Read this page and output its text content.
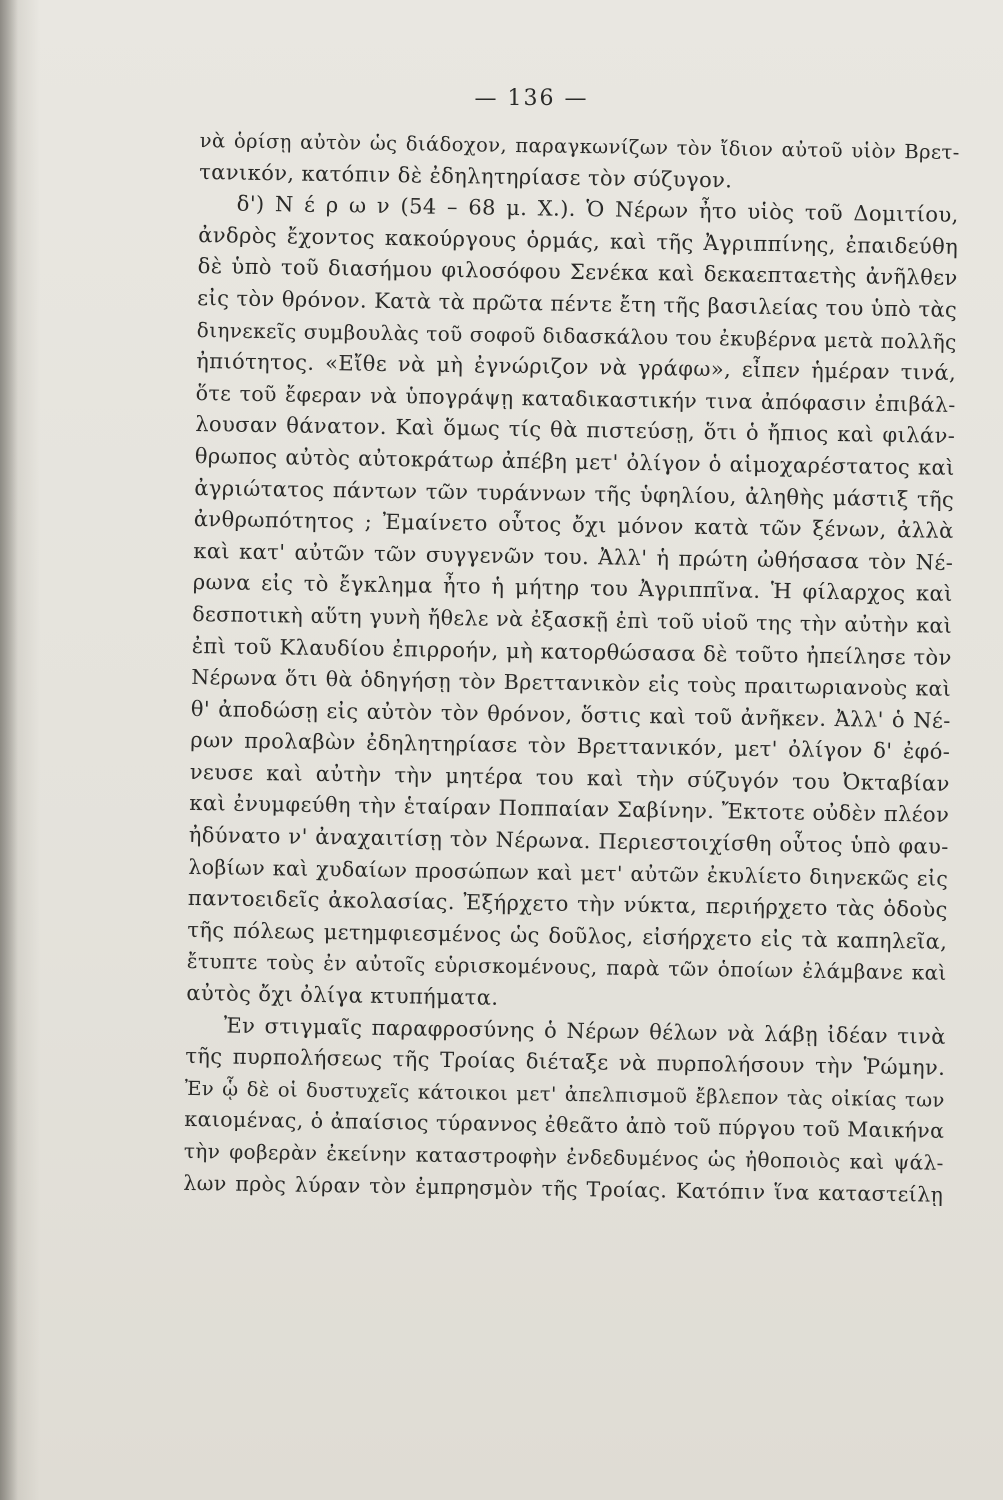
— 136 —
νὰ ὁρίσῃ αὐτὸν ὡς διάδοχον, παραγκωνίζων τὸν ἴδιον αὐτοῦ υἱὸν Βρετ-
τανικόν, κατόπιν δὲ ἐδηλητηρίασε τὸν σύζυγον.
δ') Ν έ ρ ω ν (54 – 68 μ. Χ.). Ὁ Νέρων ἦτο υἱὸς τοῦ Δομιτίου,
ἀνδρὸς ἔχοντος κακούργους ὁρμάς, καὶ τῆς Ἀγριππίνης, ἐπαιδεύθη
δὲ ὑπὸ τοῦ διασήμου φιλοσόφου Σενέκα καὶ δεκαεπταετὴς ἀνῆλθεν
εἰς τὸν θρόνον. Κατὰ τὰ πρῶτα πέντε ἔτη τῆς βασιλείας του ὑπὸ τὰς
διηνεκεῖς συμβουλὰς τοῦ σοφοῦ διδασκάλου του ἐκυβέρνα μετὰ πολλῆς
ἠπιότητος. «Εἴθε νὰ μὴ ἐγνώριζον νὰ γράφω», εἶπεν ἡμέραν τινά,
ὅτε τοῦ ἔφεραν νὰ ὑπογράψῃ καταδικαστικήν τινα ἀπόφασιν ἐπιβάλ-
λουσαν θάνατον. Καὶ ὅμως τίς θὰ πιστεύσῃ, ὅτι ὁ ἤπιος καὶ φιλάν-
θρωπος αὐτὸς αὐτοκράτωρ ἀπέβη μετ' ὀλίγον ὁ αἱμοχαρέστατος καὶ
ἀγριώτατος πάντων τῶν τυράννων τῆς ὑφηλίου, ἀληθὴς μάστιξ τῆς
ἀνθρωπότητος ; Ἐμαίνετο οὗτος ὄχι μόνον κατὰ τῶν ξένων, ἀλλὰ
καὶ κατ' αὐτῶν τῶν συγγενῶν του. Ἀλλ' ἡ πρώτη ὠθήσασα τὸν Νέ-
ρωνα εἰς τὸ ἔγκλημα ἦτο ἡ μήτηρ του Ἀγριππῖνα. Ἡ φίλαρχος καὶ
δεσποτικὴ αὕτη γυνὴ ἤθελε νὰ ἐξασκῇ ἐπὶ τοῦ υἱοῦ της τὴν αὐτὴν καὶ
ἐπὶ τοῦ Κλαυδίου ἐπιρροήν, μὴ κατορθώσασα δὲ τοῦτο ἠπείλησε τὸν
Νέρωνα ὅτι θὰ ὁδηγήσῃ τὸν Βρεττανικὸν εἰς τοὺς πραιτωριανοὺς καὶ
θ' ἀποδώσῃ εἰς αὐτὸν τὸν θρόνον, ὅστις καὶ τοῦ ἀνῆκεν. Ἀλλ' ὁ Νέ-
ρων προλαβὼν ἐδηλητηρίασε τὸν Βρεττανικόν, μετ' ὀλίγον δ' ἐφό-
νευσε καὶ αὐτὴν τὴν μητέρα του καὶ τὴν σύζυγόν του Ὀκταβίαν
καὶ ἐνυμφεύθη τὴν ἑταίραν Ποππαίαν Σαβίνην. Ἔκτοτε οὐδὲν πλέον
ἠδύνατο ν' ἀναχαιτίσῃ τὸν Νέρωνα. Περιεστοιχίσθη οὗτος ὑπὸ φαυ-
λοβίων καὶ χυδαίων προσώπων καὶ μετ' αὐτῶν ἐκυλίετο διηνεκῶς εἰς
παντοειδεῖς ἀκολασίας. Ἐξήρχετο τὴν νύκτα, περιήρχετο τὰς ὁδοὺς
τῆς πόλεως μετημφιεσμένος ὡς δοῦλος, εἰσήρχετο εἰς τὰ καπηλεῖα,
ἔτυπτε τοὺς ἐν αὐτοῖς εὑρισκομένους, παρὰ τῶν ὁποίων ἐλάμβανε καὶ
αὐτὸς ὄχι ὀλίγα κτυπήματα.
Ἐν στιγμαῖς παραφροσύνης ὁ Νέρων θέλων νὰ λάβῃ ἰδέαν τινὰ
τῆς πυρπολήσεως τῆς Τροίας διέταξε νὰ πυρπολήσουν τὴν Ῥώμην.
Ἐν ᾧ δὲ οἱ δυστυχεῖς κάτοικοι μετ' ἀπελπισμοῦ ἔβλεπον τὰς οἰκίας των
καιομένας, ὁ ἀπαίσιος τύραννος ἐθεᾶτο ἀπὸ τοῦ πύργου τοῦ Μαικήνα
τὴν φοβερὰν ἐκείνην καταστροφὴν ἐνδεδυμένος ὡς ἠθοποιὸς καὶ ψάλ-
λων πρὸς λύραν τὸν ἐμπρησμὸν τῆς Τροίας. Κατόπιν ἵνα καταστείλῃ
